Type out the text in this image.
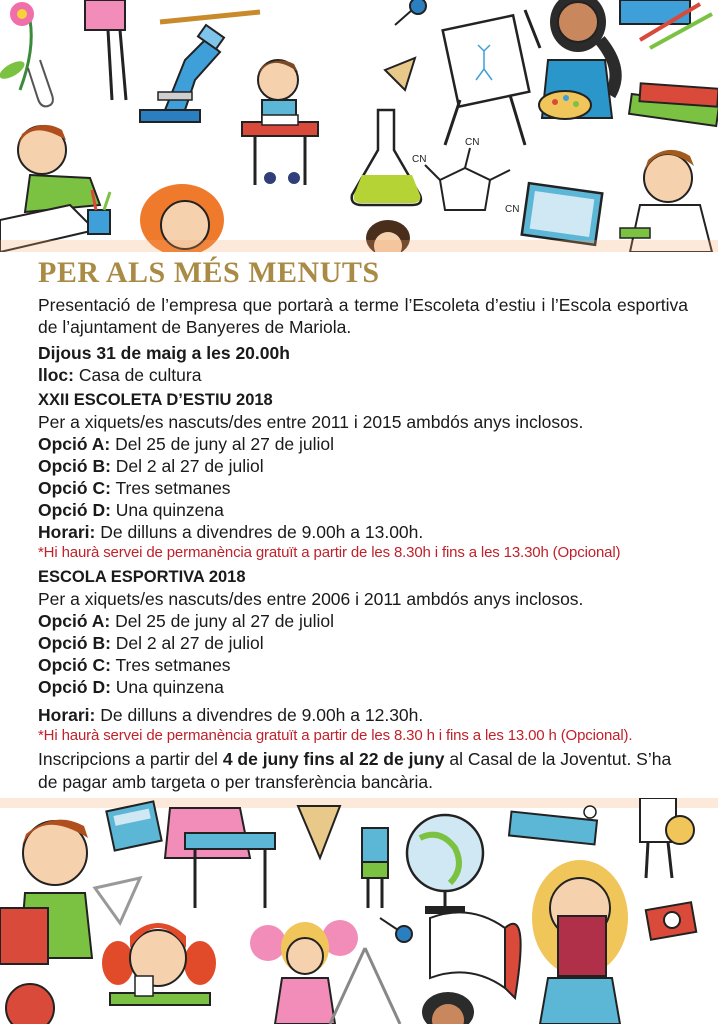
CN
CN
CN
PER ALS MÉS MENUTS

Presentació de l’empresa que portarà a terme l’Escoleta d’estiu i l’Escola esportiva de l’ajuntament de Banyeres de Mariola.

Dijous 31 de maig a les 20.00h

lloc: Casa de cultura

XXII ESCOLETA D’ESTIU 2018

Per a xiquets/es nascuts/des entre 2011 i 2015 ambdós anys inclosos.

Opció A: Del 25 de juny al 27 de juliol

Opció B: Del 2 al 27 de juliol

Opció C: Tres setmanes

Opció D: Una quinzena

Horari: De dilluns a divendres de 9.00h a 13.00h.

*Hi haurà servei de permanència gratuït a partir de les 8.30h i fins a les 13.30h (Opcional)

ESCOLA ESPORTIVA 2018

Per a xiquets/es nascuts/des entre 2006 i 2011 ambdós anys inclosos.

Opció A: Del 25 de juny al 27 de juliol

Opció B: Del 2 al 27 de juliol

Opció C: Tres setmanes

Opció D: Una quinzena

Horari: De dilluns a divendres de 9.00h a 12.30h.

*Hi haurà servei de permanència gratuït a partir de les 8.30 h i fins a les 13.00 h (Opcional).

Inscripcions a partir del 4 de juny fins al 22 de juny al Casal de la Joventut. S’ha de pagar amb targeta o per transferència bancària.
